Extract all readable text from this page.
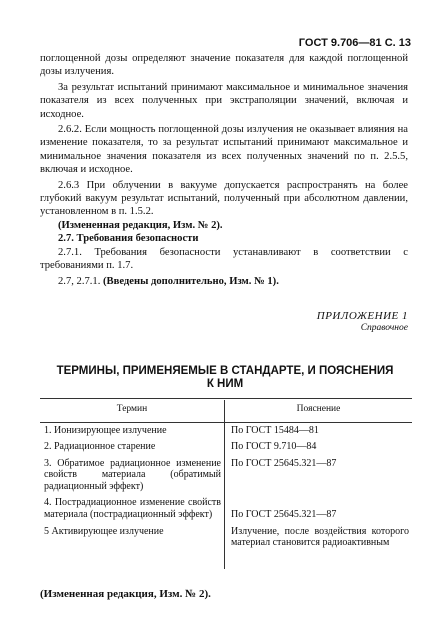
ГОСТ 9.706—81 С. 13

поглощенной дозы определяют значение показателя для каждой поглощенной дозы излучения.

За результат испытаний принимают максимальное и минимальное значения показателя из всех полученных при экстраполяции значений, включая и исходное.

2.6.2. Если мощность поглощенной дозы излучения не оказывает влияния на изменение показателя, то за результат испытаний принимают максимальное и минимальное значения показателя из всех полученных значений по п. 2.5.5, включая и исходное.

2.6.3 При облучении в вакууме допускается распространять на более глубокий вакуум результат испытаний, полученный при абсолютном давлении, установленном в п. 1.5.2.

(Измененная редакция, Изм. № 2).

2.7. Требования безопасности

2.7.1. Требования безопасности устанавливают в соответствии с требованиями п. 1.7.

2.7, 2.7.1. (Введены дополнительно, Изм. № 1).

ПРИЛОЖЕНИЕ 1
Справочное
ТЕРМИНЫ, ПРИМЕНЯЕМЫЕ В СТАНДАРТЕ, И ПОЯСНЕНИЯ
К НИМ
Термин	Пояснение
1. Ионизирующее излучение	По ГОСТ 15484—81
2. Радиационное старение	По ГОСТ 9.710—84
3. Обратимое радиационное изменение свойств материала (обратимый радиационный эффект)	По ГОСТ 25645.321—87
4. Пострадиационное изменение свойств материала (пострадиационный эффект)	По ГОСТ 25645.321—87
5 Активирующее излучение	Излучение, после воздействия которого материал становится радиоактивным
(Измененная редакция, Изм. № 2).
